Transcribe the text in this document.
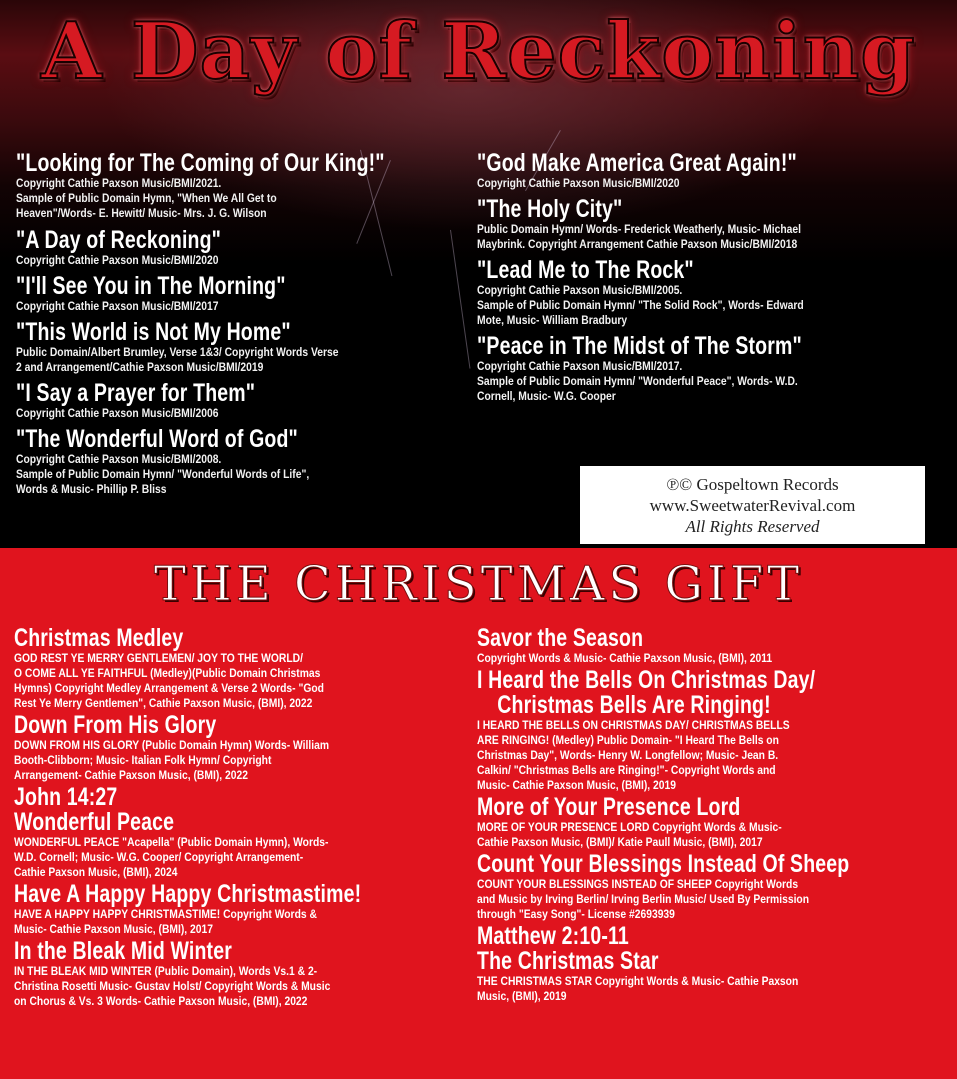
A Day of Reckoning
"Looking for The Coming of Our King!"
Copyright Cathie Paxson Music/BMI/2021.
Sample of Public Domain Hymn, "When We All Get to
Heaven"/Words- E. Hewitt/ Music- Mrs. J. G. Wilson
"A Day of Reckoning"
Copyright Cathie Paxson Music/BMI/2020
"I'll See You in The Morning"
Copyright Cathie Paxson Music/BMI/2017
"This World is Not My Home"
Public Domain/Albert Brumley, Verse 1&3/ Copyright Words Verse
2 and Arrangement/Cathie Paxson Music/BMI/2019
"I Say a Prayer for Them"
Copyright Cathie Paxson Music/BMI/2006
"The Wonderful Word of God"
Copyright Cathie Paxson Music/BMI/2008.
Sample of Public Domain Hymn/ "Wonderful Words of Life",
Words & Music- Phillip P. Bliss
"God Make America Great Again!"
Copyright Cathie Paxson Music/BMI/2020
"The Holy City"
Public Domain Hymn/ Words- Frederick Weatherly, Music- Michael
Maybrink. Copyright Arrangement Cathie Paxson Music/BMI/2018
"Lead Me to The Rock"
Copyright Cathie Paxson Music/BMI/2005.
Sample of Public Domain Hymn/ "The Solid Rock", Words- Edward
Mote, Music- William Bradbury
"Peace in The Midst of The Storm"
Copyright Cathie Paxson Music/BMI/2017.
Sample of Public Domain Hymn/ "Wonderful Peace", Words- W.D.
Cornell, Music- W.G. Cooper
℗© Gospeltown Records
www.SweetwaterRevival.com
All Rights Reserved
THE CHRISTMAS GIFT
Christmas Medley
GOD REST YE MERRY GENTLEMEN/ JOY TO THE WORLD/
O COME ALL YE FAITHFUL (Medley)(Public Domain Christmas
Hymns) Copyright Medley Arrangement & Verse 2 Words- "God
Rest Ye Merry Gentlemen", Cathie Paxson Music, (BMI), 2022
Down From His Glory
DOWN FROM HIS GLORY (Public Domain Hymn) Words- William
Booth-Clibborn; Music- Italian Folk Hymn/ Copyright
Arrangement- Cathie Paxson Music, (BMI), 2022
John 14:27
Wonderful Peace
WONDERFUL PEACE "Acapella" (Public Domain Hymn), Words-
W.D. Cornell; Music- W.G. Cooper/ Copyright Arrangement-
Cathie Paxson Music, (BMI), 2024
Have A Happy Happy Christmastime!
HAVE A HAPPY HAPPY CHRISTMASTIME! Copyright Words &
Music- Cathie Paxson Music, (BMI), 2017
In the Bleak Mid Winter
IN THE BLEAK MID WINTER (Public Domain), Words Vs.1 & 2-
Christina Rosetti Music- Gustav Holst/ Copyright Words & Music
on Chorus & Vs. 3 Words- Cathie Paxson Music, (BMI), 2022
Savor the Season
Copyright Words & Music- Cathie Paxson Music, (BMI), 2011
I Heard the Bells On Christmas Day/
Christmas Bells Are Ringing!
I HEARD THE BELLS ON CHRISTMAS DAY/ CHRISTMAS BELLS
ARE RINGING! (Medley) Public Domain- "I Heard The Bells on
Christmas Day", Words- Henry W. Longfellow; Music- Jean B.
Calkin/ "Christmas Bells are Ringing!"- Copyright Words and
Music- Cathie Paxson Music, (BMI), 2019
More of Your Presence Lord
MORE OF YOUR PRESENCE LORD Copyright Words & Music-
Cathie Paxson Music, (BMI)/ Katie Paull Music, (BMI), 2017
Count Your Blessings Instead Of Sheep
COUNT YOUR BLESSINGS INSTEAD OF SHEEP Copyright Words
and Music by Irving Berlin/ Irving Berlin Music/ Used By Permission
through "Easy Song"- License #2693939
Matthew 2:10-11
The Christmas Star
THE CHRISTMAS STAR Copyright Words & Music- Cathie Paxson
Music, (BMI), 2019
